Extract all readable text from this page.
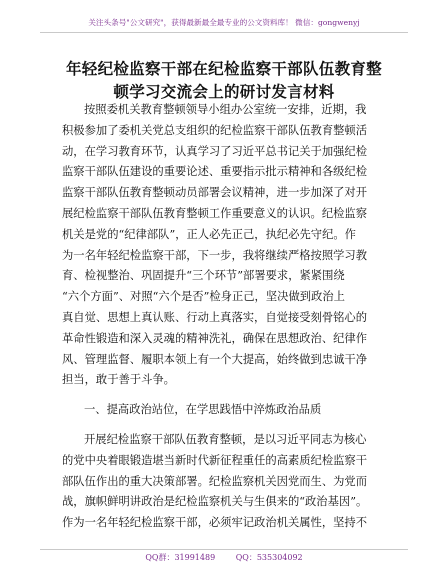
关注头条号"公文研究"，获得最新最全最专业的公文资料库！ 微信：gongwenyj
年轻纪检监察干部在纪检监察干部队伍教育整
顿学习交流会上的研讨发言材料
按照委机关教育整顿领导小组办公室统一安排，近期，我
积极参加了委机关党总支组织的纪检监察干部队伍教育整顿活
动，在学习教育环节，认真学习了习近平总书记关于加强纪检
监察干部队伍建设的重要论述、重要指示批示精神和各级纪检
监察干部队伍教育整顿动员部署会议精神，进一步加深了对开
展纪检监察干部队伍教育整顿工作重要意义的认识。纪检监察
机关是党的“纪律部队”，正人必先正己，执纪必先守纪。作
为一名年轻纪检监察干部，下一步，我将继续严格按照学习教
育、检视整治、巩固提升“三个环节”部署要求，紧紧围绕
“六个方面”、对照“六个是否”检身正己，坚决做到政治上
真自觉、思想上真认账、行动上真落实，自觉接受刻骨铭心的
革命性锻造和深入灵魂的精神洗礼，确保在思想政治、纪律作
风、管理监督、履职本领上有一个大提高，始终做到忠诚干净
担当，敢于善于斗争。
一、提高政治站位，在学思践悟中淬炼政治品质
开展纪检监察干部队伍教育整顿，是以习近平同志为核心
的党中央着眼锻造堪当新时代新征程重任的高素质纪检监察干
部队伍作出的重大决策部署。纪检监察机关因党而生、为党而
战，旗帜鲜明讲政治是纪检监察机关与生俱来的“政治基因”。
作为一名年轻纪检监察干部，必须牢记政治机关属性，坚持不
QQ群：31991489	QQ：535304092
